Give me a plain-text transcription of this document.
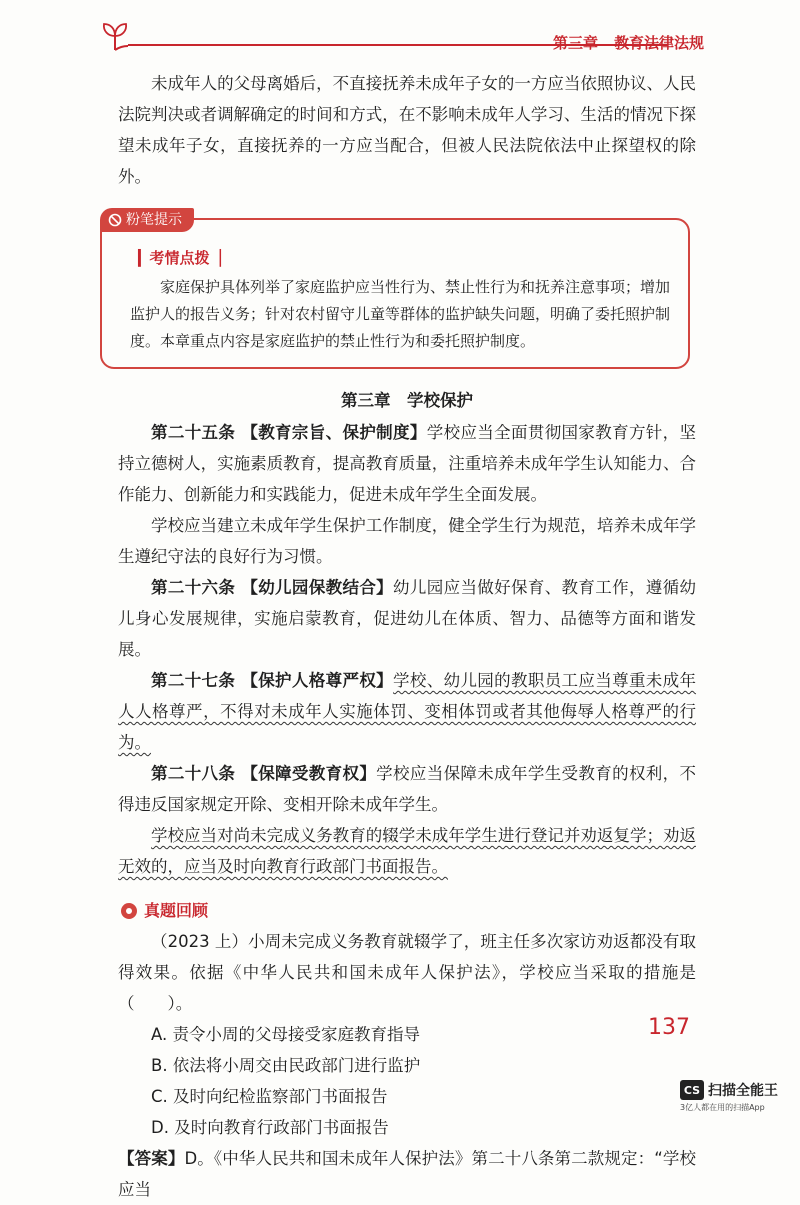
第三章 教育法律法规

未成年人的父母离婚后，不直接抚养未成年子女的一方应当依照协议、人民法院判决或者调解确定的时间和方式，在不影响未成年人学习、生活的情况下探望未成年子女，直接抚养的一方应当配合，但被人民法院依法中止探望权的除外。

粉笔提示
▎考情点拨▕
家庭保护具体列举了家庭监护应当性行为、禁止性行为和抚养注意事项；增加监护人的报告义务；针对农村留守儿童等群体的监护缺失问题，明确了委托照护制度。本章重点内容是家庭监护的禁止性行为和委托照护制度。
第三章　学校保护

第二十五条 【教育宗旨、保护制度】学校应当全面贯彻国家教育方针，坚持立德树人，实施素质教育，提高教育质量，注重培养未成年学生认知能力、合作能力、创新能力和实践能力，促进未成年学生全面发展。

学校应当建立未成年学生保护工作制度，健全学生行为规范，培养未成年学生遵纪守法的良好行为习惯。

第二十六条 【幼儿园保教结合】幼儿园应当做好保育、教育工作，遵循幼儿身心发展规律，实施启蒙教育，促进幼儿在体质、智力、品德等方面和谐发展。

第二十七条 【保护人格尊严权】学校、幼儿园的教职员工应当尊重未成年人人格尊严，不得对未成年人实施体罚、变相体罚或者其他侮辱人格尊严的行为。

第二十八条 【保障受教育权】学校应当保障未成年学生受教育的权利，不得违反国家规定开除、变相开除未成年学生。

学校应当对尚未完成义务教育的辍学未成年学生进行登记并劝返复学；劝返无效的，应当及时向教育行政部门书面报告。

真题回顾

（2023 上）小周未完成义务教育就辍学了，班主任多次家访劝返都没有取得效果。依据《中华人民共和国未成年人保护法》，学校应当采取的措施是（　　）。

A. 责令小周的父母接受家庭教育指导

B. 依法将小周交由民政部门进行监护

C. 及时向纪检监察部门书面报告

D. 及时向教育行政部门书面报告

【答案】D。《中华人民共和国未成年人保护法》第二十八条第二款规定：“学校应当

137
CS 扫描全能王
3亿人都在用的扫描App
